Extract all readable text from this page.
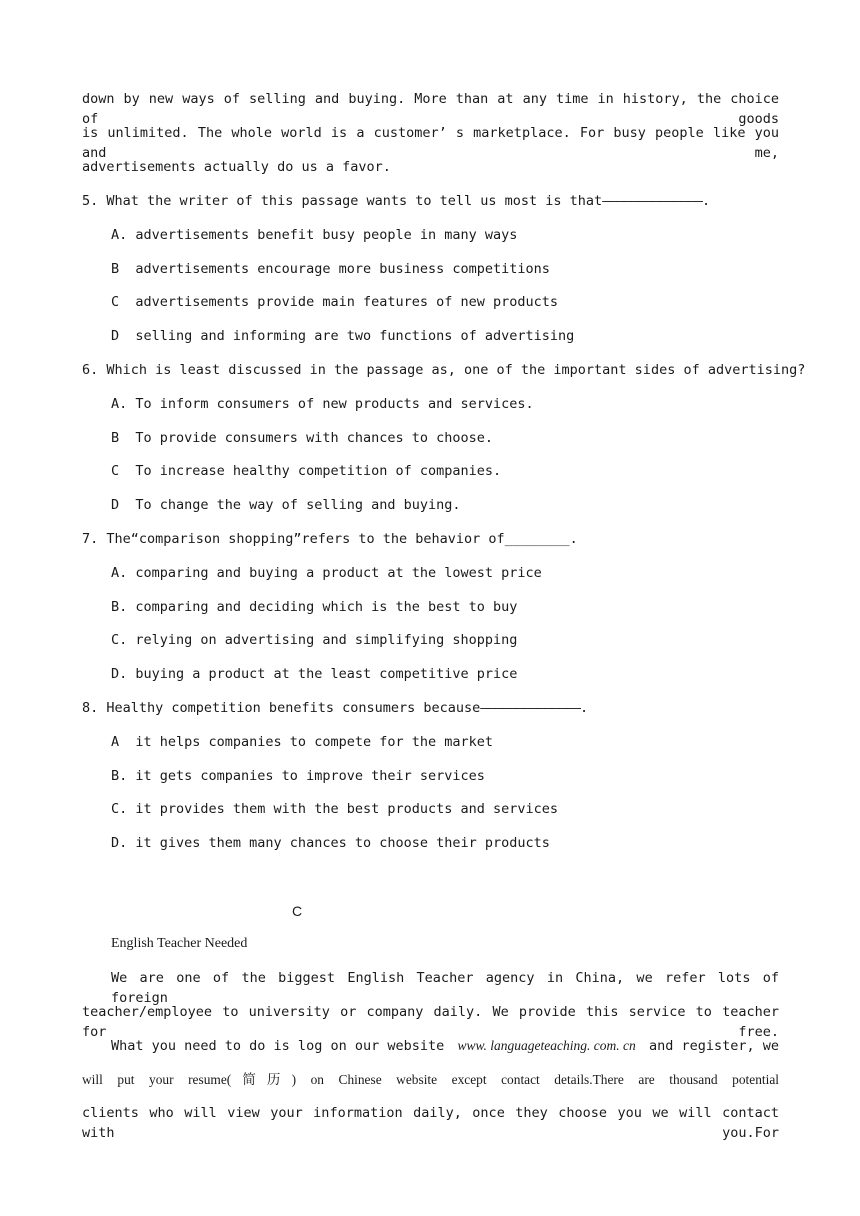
down by new ways of selling and buying. More than at any time in history, the choice of goods
is unlimited. The whole world is a customer’ s marketplace. For busy people like you and me,
advertisements actually do us a favor.
5. What the writer of this passage wants to tell us most is that——————————————.
A. advertisements benefit busy people in many ways
B  advertisements encourage more business competitions
C  advertisements provide main features of new products
D  selling and informing are two functions of advertising
6. Which is least discussed in the passage as, one of the important sides of advertising?
A. To inform consumers of new products and services.
B  To provide consumers with chances to choose.
C  To increase healthy competition of companies.
D  To change the way of selling and buying.
7. The“comparison shopping”refers to the behavior of________.
A. comparing and buying a product at the lowest price
B. comparing and deciding which is the best to buy
C. relying on advertising and simplifying shopping
D. buying a product at the least competitive price
8. Healthy competition benefits consumers because——————————————.
A  it helps companies to compete for the market
B. it gets companies to improve their services
C. it provides them with the best products and services
D. it gives them many chances to choose their products
C
English Teacher Needed
We are one of the biggest English Teacher agency in China, we refer lots of foreign
teacher/employee to university or company daily. We provide this service to teacher for free.
What you need to do is log on our website www. languageteaching. com. cn and register, we
will put your resume(简历) on Chinese website except contact details.There are thousand potential
clients who will view your information daily, once they choose you we will contact with you.For
